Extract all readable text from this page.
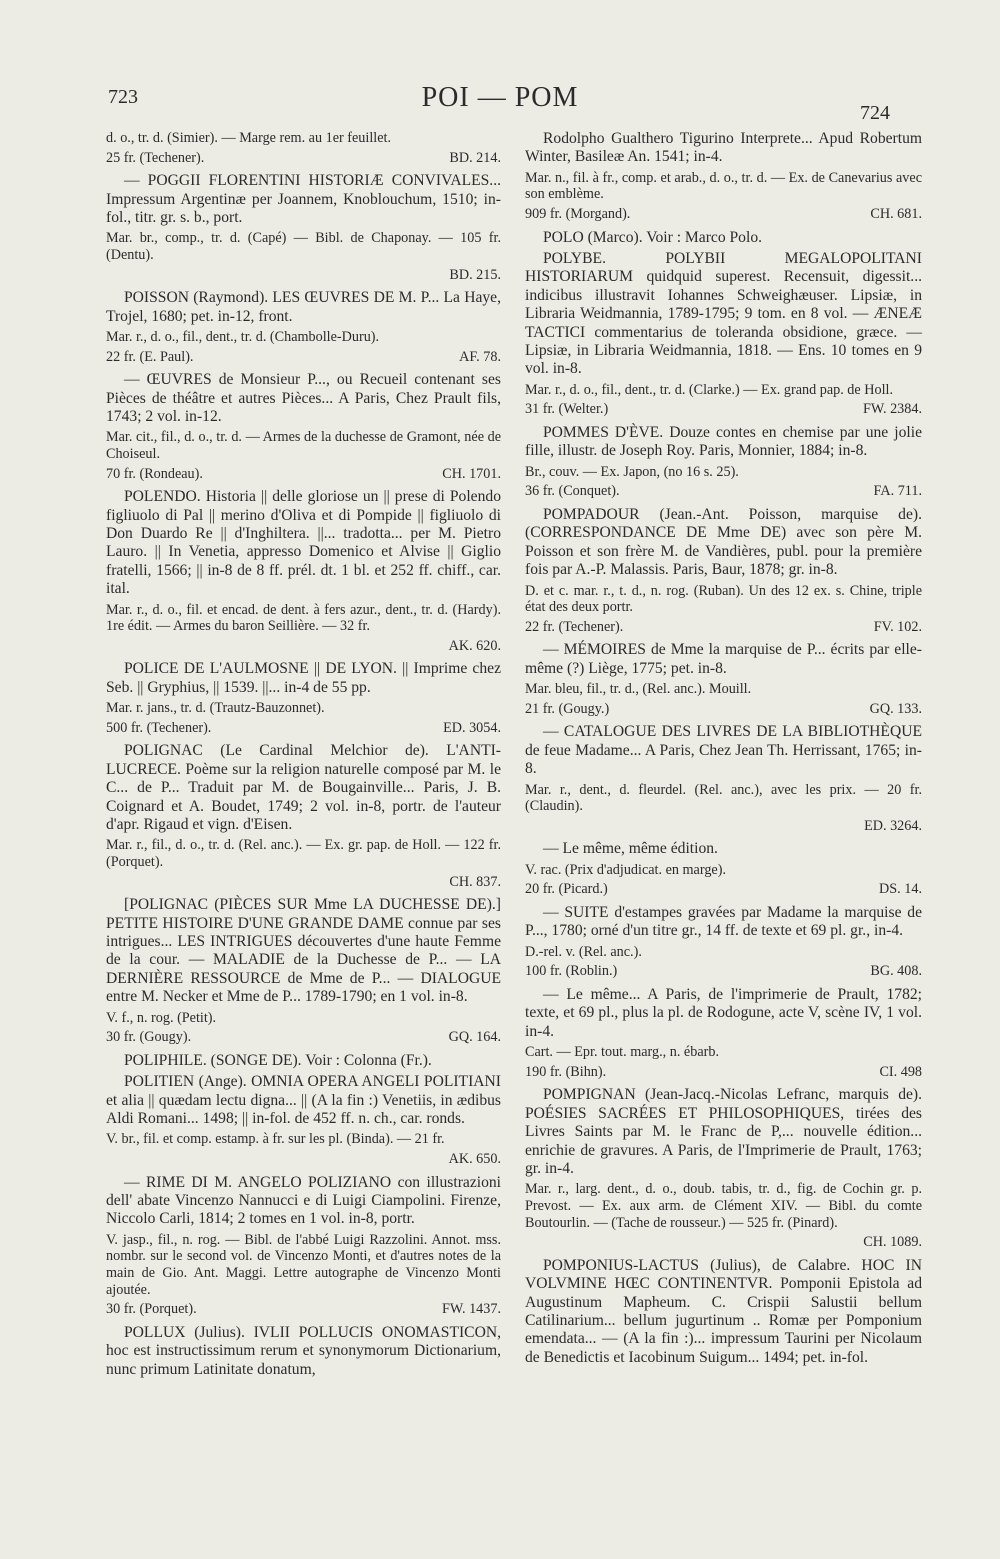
723	POI — POM	724

d. o., tr. d. (Simier). — Marge rem. au 1er feuillet.

25 fr. (Techener).	BD. 214.

— POGGII FLORENTINI HISTORIÆ CONVIVALES... Impressum Argentinæ per Joannem, Knoblouchum, 1510; in-fol., titr. gr. s. b., port.

Mar. br., comp., tr. d. (Capé) — Bibl. de Chaponay. — 105 fr. (Dentu).

BD. 215.

POISSON (Raymond). LES ŒUVRES DE M. P... La Haye, Trojel, 1680; pet. in-12, front.

Mar. r., d. o., fil., dent., tr. d. (Chambolle-Duru).

22 fr. (E. Paul).	AF. 78.

— ŒUVRES de Monsieur P..., ou Recueil contenant ses Pièces de théâtre et autres Pièces... A Paris, Chez Prault fils, 1743; 2 vol. in-12.

Mar. cit., fil., d. o., tr. d. — Armes de la duchesse de Gramont, née de Choiseul.

70 fr. (Rondeau).	CH. 1701.

POLENDO. Historia || delle gloriose un || prese di Polendo figliuolo di Pal || merino d'Oliva et di Pompide || figliuolo di Don Duardo Re || d'Inghiltera. ||... tradotta... per M. Pietro Lauro. || In Venetia, appresso Domenico et Alvise || Giglio fratelli, 1566; || in-8 de 8 ff. prél. dt. 1 bl. et 252 ff. chiff., car. ital.

Mar. r., d. o., fil. et encad. de dent. à fers azur., dent., tr. d. (Hardy). 1re édit. — Armes du baron Seillière. — 32 fr.

AK. 620.

POLICE DE L'AULMOSNE || DE LYON. || Imprime chez Seb. || Gryphius, || 1539. ||... in-4 de 55 pp.

Mar. r. jans., tr. d. (Trautz-Bauzonnet).

500 fr. (Techener).	ED. 3054.

POLIGNAC (Le Cardinal Melchior de). L'ANTI-LUCRECE. Poème sur la religion naturelle composé par M. le C... de P... Traduit par M. de Bougainville... Paris, J. B. Coignard et A. Boudet, 1749; 2 vol. in-8, portr. de l'auteur d'apr. Rigaud et vign. d'Eisen.

Mar. r., fil., d. o., tr. d. (Rel. anc.). — Ex. gr. pap. de Holl. — 122 fr. (Porquet).

CH. 837.

[POLIGNAC (PIÈCES SUR Mme LA DUCHESSE DE).] PETITE HISTOIRE D'UNE GRANDE DAME connue par ses intrigues... LES INTRIGUES découvertes d'une haute Femme de la cour. — MALADIE de la Duchesse de P... — LA DERNIÈRE RESSOURCE de Mme de P... — DIALOGUE entre M. Necker et Mme de P... 1789-1790; en 1 vol. in-8.

V. f., n. rog. (Petit).

30 fr. (Gougy).	GQ. 164.

POLIPHILE. (SONGE DE). Voir : Colonna (Fr.).

POLITIEN (Ange). OMNIA OPERA ANGELI POLITIANI et alia || quædam lectu digna... || (A la fin :) Venetiis, in ædibus Aldi Romani... 1498; || in-fol. de 452 ff. n. ch., car. ronds.

V. br., fil. et comp. estamp. à fr. sur les pl. (Binda). — 21 fr.

AK. 650.

— RIME DI M. ANGELO POLIZIANO con illustrazioni dell' abate Vincenzo Nannucci e di Luigi Ciampolini. Firenze, Niccolo Carli, 1814; 2 tomes en 1 vol. in-8, portr.

V. jasp., fil., n. rog. — Bibl. de l'abbé Luigi Razzolini. Annot. mss. nombr. sur le second vol. de Vincenzo Monti, et d'autres notes de la main de Gio. Ant. Maggi. Lettre autographe de Vincenzo Monti ajoutée.

30 fr. (Porquet).	FW. 1437.

POLLUX (Julius). IVLII POLLUCIS ONOMASTICON, hoc est instructissimum rerum et synonymorum Dictionarium, nunc primum Latinitate donatum,

Rodolpho Gualthero Tigurino Interprete... Apud Robertum Winter, Basileæ An. 1541; in-4.

Mar. n., fil. à fr., comp. et arab., d. o., tr. d. — Ex. de Canevarius avec son emblème.

909 fr. (Morgand).	CH. 681.

POLO (Marco). Voir : Marco Polo.

POLYBE. POLYBII MEGALOPOLITANI HISTORIARUM quidquid superest. Recensuit, digessit... indicibus illustravit Iohannes Schweighæuser. Lipsiæ, in Libraria Weidmannia, 1789-1795; 9 tom. en 8 vol. — ÆNEÆ TACTICI commentarius de toleranda obsidione, græce. — Lipsiæ, in Libraria Weidmannia, 1818. — Ens. 10 tomes en 9 vol. in-8.

Mar. r., d. o., fil., dent., tr. d. (Clarke.) — Ex. grand pap. de Holl.

31 fr. (Welter.)	FW. 2384.

POMMES D'ÈVE. Douze contes en chemise par une jolie fille, illustr. de Joseph Roy. Paris, Monnier, 1884; in-8.

Br., couv. — Ex. Japon, (no 16 s. 25).

36 fr. (Conquet).	FA. 711.

POMPADOUR (Jean.-Ant. Poisson, marquise de). (CORRESPONDANCE DE Mme DE) avec son père M. Poisson et son frère M. de Vandières, publ. pour la première fois par A.-P. Malassis. Paris, Baur, 1878; gr. in-8.

D. et c. mar. r., t. d., n. rog. (Ruban). Un des 12 ex. s. Chine, triple état des deux portr.

22 fr. (Techener).	FV. 102.

— MÉMOIRES de Mme la marquise de P... écrits par elle-même (?) Liège, 1775; pet. in-8.

Mar. bleu, fil., tr. d., (Rel. anc.). Mouill.

21 fr. (Gougy.)	GQ. 133.

— CATALOGUE DES LIVRES DE LA BIBLIOTHÈQUE de feue Madame... A Paris, Chez Jean Th. Herrissant, 1765; in-8.

Mar. r., dent., d. fleurdel. (Rel. anc.), avec les prix. — 20 fr. (Claudin).

ED. 3264.

— Le même, même édition.

V. rac. (Prix d'adjudicat. en marge).

20 fr. (Picard.)	DS. 14.

— SUITE d'estampes gravées par Madame la marquise de P..., 1780; orné d'un titre gr., 14 ff. de texte et 69 pl. gr., in-4.

D.-rel. v. (Rel. anc.).

100 fr. (Roblin.)	BG. 408.

— Le même... A Paris, de l'imprimerie de Prault, 1782; texte, et 69 pl., plus la pl. de Rodogune, acte V, scène IV, 1 vol. in-4.

Cart. — Epr. tout. marg., n. ébarb.

190 fr. (Bihn).	CI. 498

POMPIGNAN (Jean-Jacq.-Nicolas Lefranc, marquis de). POÉSIES SACRÉES ET PHILOSOPHIQUES, tirées des Livres Saints par M. le Franc de P,... nouvelle édition... enrichie de gravures. A Paris, de l'Imprimerie de Prault, 1763; gr. in-4.

Mar. r., larg. dent., d. o., doub. tabis, tr. d., fig. de Cochin gr. p. Prevost. — Ex. aux arm. de Clément XIV. — Bibl. du comte Boutourlin. — (Tache de rousseur.) — 525 fr. (Pinard).

CH. 1089.

POMPONIUS-LACTUS (Julius), de Calabre. HOC IN VOLVMINE HŒC CONTINENTVR. Pomponii Epistola ad Augustinum Mapheum. C. Crispii Salustii bellum Catilinarium... bellum jugurtinum .. Romæ per Pomponium emendata... — (A la fin :)... impressum Taurini per Nicolaum de Benedictis et Iacobinum Suigum... 1494; pet. in-fol.
